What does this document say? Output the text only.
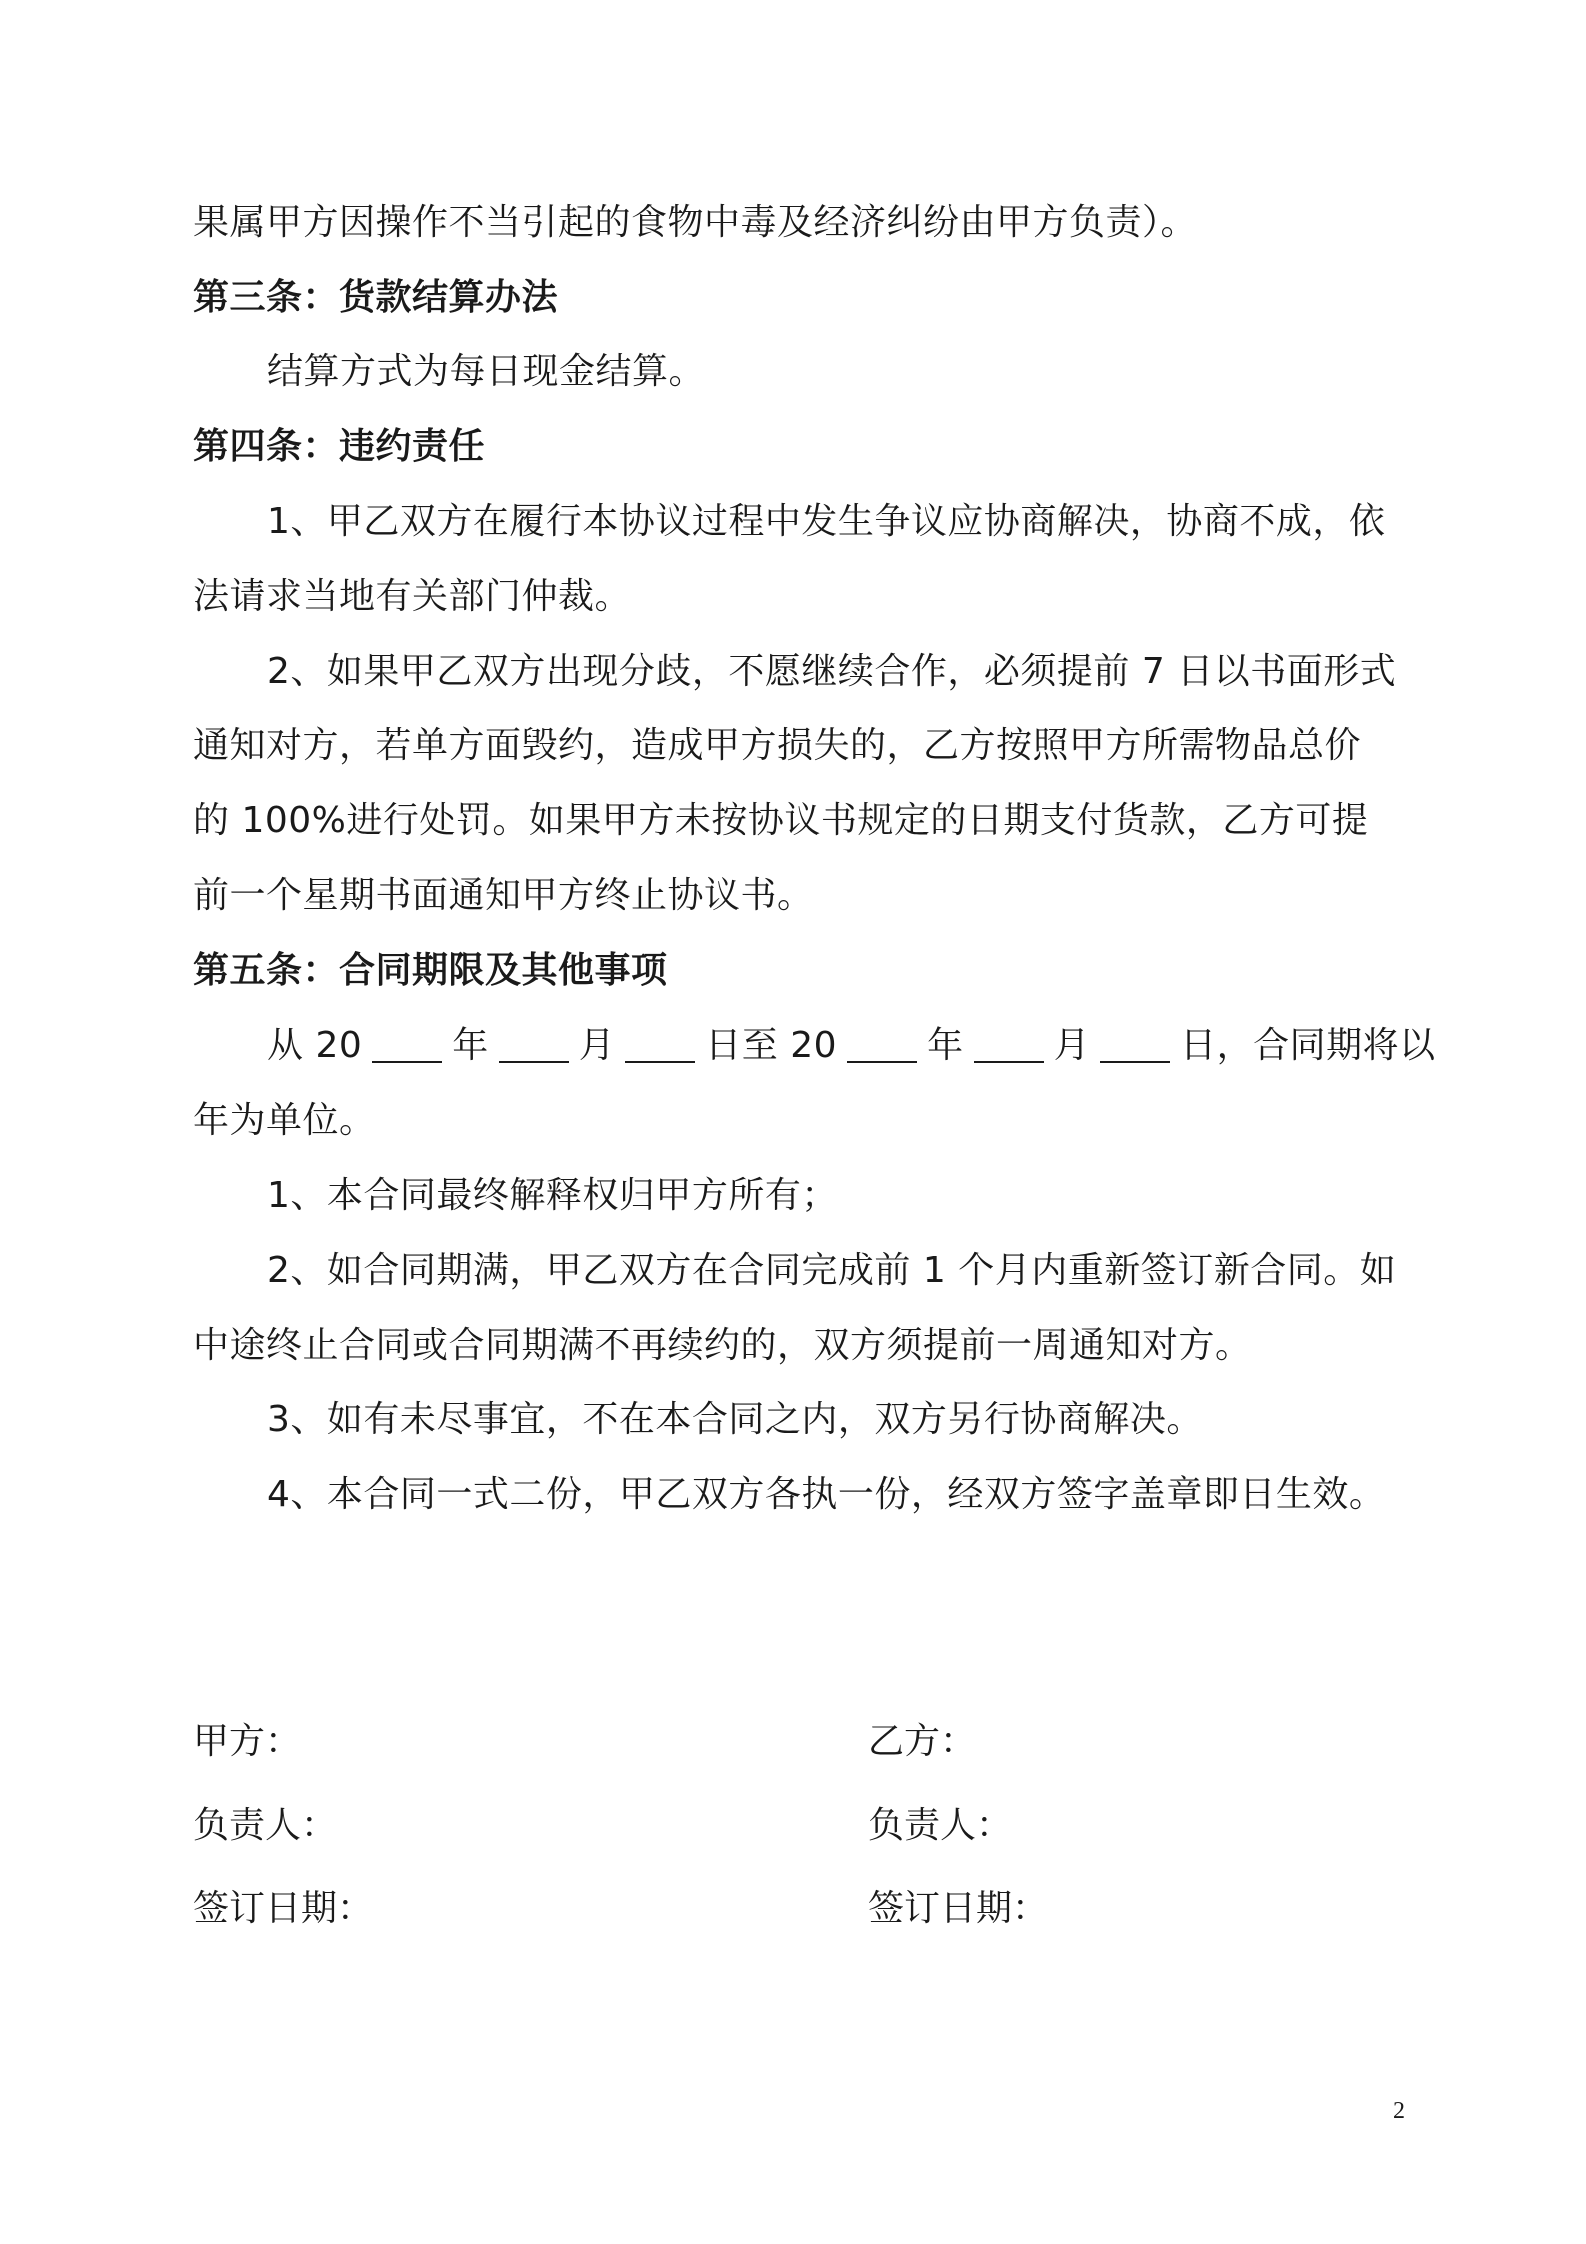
果属甲方因操作不当引起的食物中毒及经济纠纷由甲方负责）。
第三条：货款结算办法
结算方式为每日现金结算。
第四条：违约责任
1、甲乙双方在履行本协议过程中发生争议应协商解决，协商不成，依
法请求当地有关部门仲裁。
2、如果甲乙双方出现分歧，不愿继续合作，必须提前 7 日以书面形式
通知对方，若单方面毁约，造成甲方损失的，乙方按照甲方所需物品总价
的 100%进行处罚。如果甲方未按协议书规定的日期支付货款，乙方可提
前一个星期书面通知甲方终止协议书。
第五条：合同期限及其他事项
从 20	年	月	日至 20	年	月	日，合同期将以
年为单位。
1、本合同最终解释权归甲方所有；
2、如合同期满，甲乙双方在合同完成前 1 个月内重新签订新合同。如
中途终止合同或合同期满不再续约的，双方须提前一周通知对方。
3、如有未尽事宜，不在本合同之内，双方另行协商解决。
4、本合同一式二份，甲乙双方各执一份，经双方签字盖章即日生效。
甲方：	乙方：
负责人：	负责人：
签订日期：	签订日期：
2
